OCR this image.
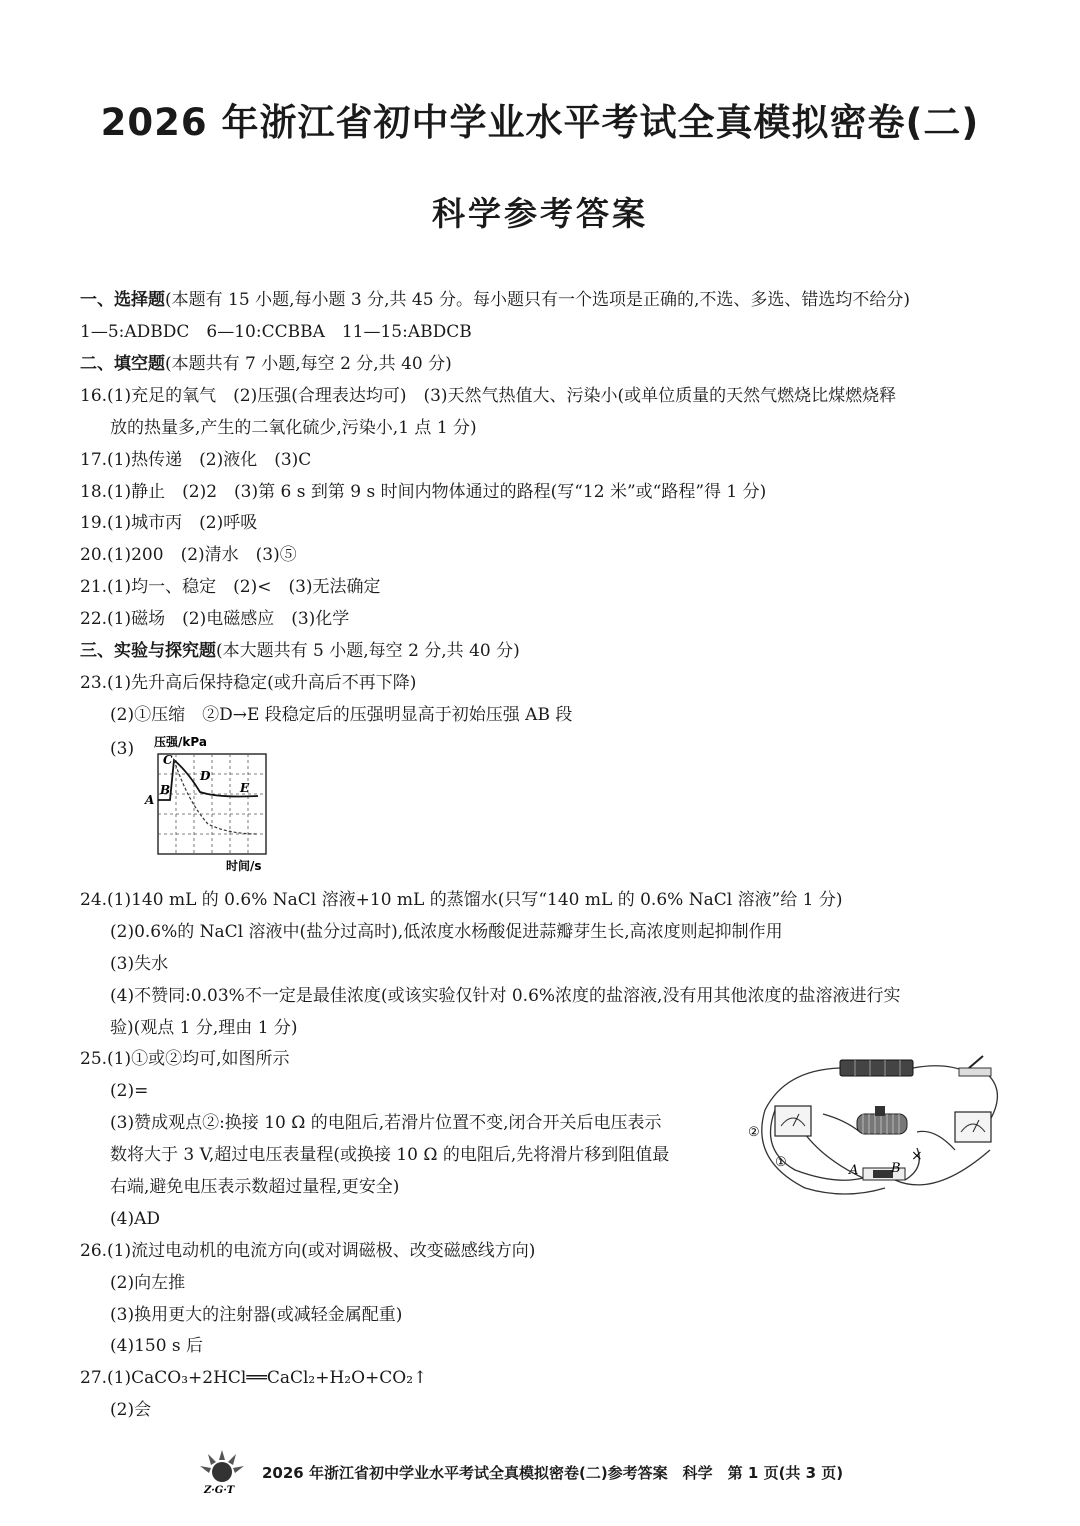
2026 年浙江省初中学业水平考试全真模拟密卷(二)
科学参考答案
一、选择题(本题有 15 小题,每小题 3 分,共 45 分。每小题只有一个选项是正确的,不选、多选、错选均不给分)
1—5:ADBDC　6—10:CCBBA　11—15:ABDCB
二、填空题(本题共有 7 小题,每空 2 分,共 40 分)
16.(1)充足的氧气　(2)压强(合理表达均可)　(3)天然气热值大、污染小(或单位质量的天然气燃烧比煤燃烧释
放的热量多,产生的二氧化硫少,污染小,1 点 1 分)
17.(1)热传递　(2)液化　(3)C
18.(1)静止　(2)2　(3)第 6 s 到第 9 s 时间内物体通过的路程(写“12 米”或“路程”得 1 分)
19.(1)城市丙　(2)呼吸
20.(1)200　(2)清水　(3)⑤
21.(1)均一、稳定　(2)<　(3)无法确定
22.(1)磁场　(2)电磁感应　(3)化学
三、实验与探究题(本大题共有 5 小题,每空 2 分,共 40 分)
23.(1)先升高后保持稳定(或升高后不再下降)
(2)①压缩　②D→E 段稳定后的压强明显高于初始压强 AB 段
(3) 压强/kPa
A
B
C
D
E
时间/s
24.(1)140 mL 的 0.6% NaCl 溶液+10 mL 的蒸馏水(只写“140 mL 的 0.6% NaCl 溶液”给 1 分)
(2)0.6%的 NaCl 溶液中(盐分过高时),低浓度水杨酸促进蒜瓣芽生长,高浓度则起抑制作用
(3)失水
(4)不赞同:0.03%不一定是最佳浓度(或该实验仅针对 0.6%浓度的盐溶液,没有用其他浓度的盐溶液进行实
验)(观点 1 分,理由 1 分)
25.(1)①或②均可,如图所示
(2)=
(3)赞成观点②:换接 10 Ω 的电阻后,若滑片位置不变,闭合开关后电压表示
数将大于 3 V,超过电压表量程(或换接 10 Ω 的电阻后,先将滑片移到阻值最
右端,避免电压表示数超过量程,更安全)
(4)AD
①
②
A	B
×
26.(1)流过电动机的电流方向(或对调磁极、改变磁感线方向)
(2)向左推
(3)换用更大的注射器(或减轻金属配重)
(4)150 s 后
27.(1)CaCO₃+2HCl══CaCl₂+H₂O+CO₂↑
(2)会
Z·G·T
2026 年浙江省初中学业水平考试全真模拟密卷(二)参考答案　科学　第 1 页(共 3 页)
